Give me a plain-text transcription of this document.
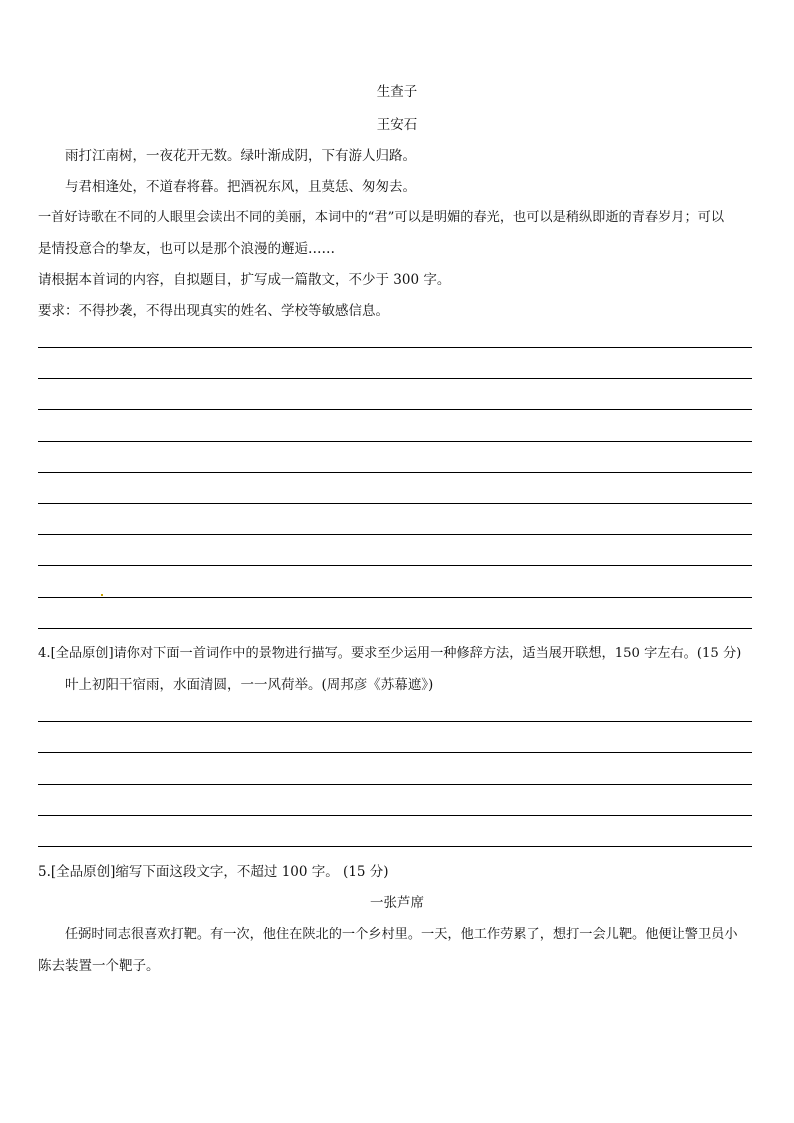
生查子
王安石
雨打江南树，一夜花开无数。绿叶渐成阴，下有游人归路。
与君相逢处，不道春将暮。把酒祝东风，且莫恁、匆匆去。
一首好诗歌在不同的人眼里会读出不同的美丽，本词中的“君”可以是明媚的春光，也可以是稍纵即逝的青春岁月；可以
是情投意合的挚友，也可以是那个浪漫的邂逅……
请根据本首词的内容，自拟题目，扩写成一篇散文，不少于 300 字。
要求：不得抄袭，不得出现真实的姓名、学校等敏感信息。
4.[全品原创]请你对下面一首词作中的景物进行描写。要求至少运用一种修辞方法，适当展开联想，150 字左右。(15 分)
叶上初阳干宿雨，水面清圆，一一风荷举。(周邦彦《苏幕遮》)
5.[全品原创]缩写下面这段文字，不超过 100 字。 (15 分)
一张芦席
任弼时同志很喜欢打靶。有一次，他住在陕北的一个乡村里。一天，他工作劳累了，想打一会儿靶。他便让警卫员小
陈去装置一个靶子。
